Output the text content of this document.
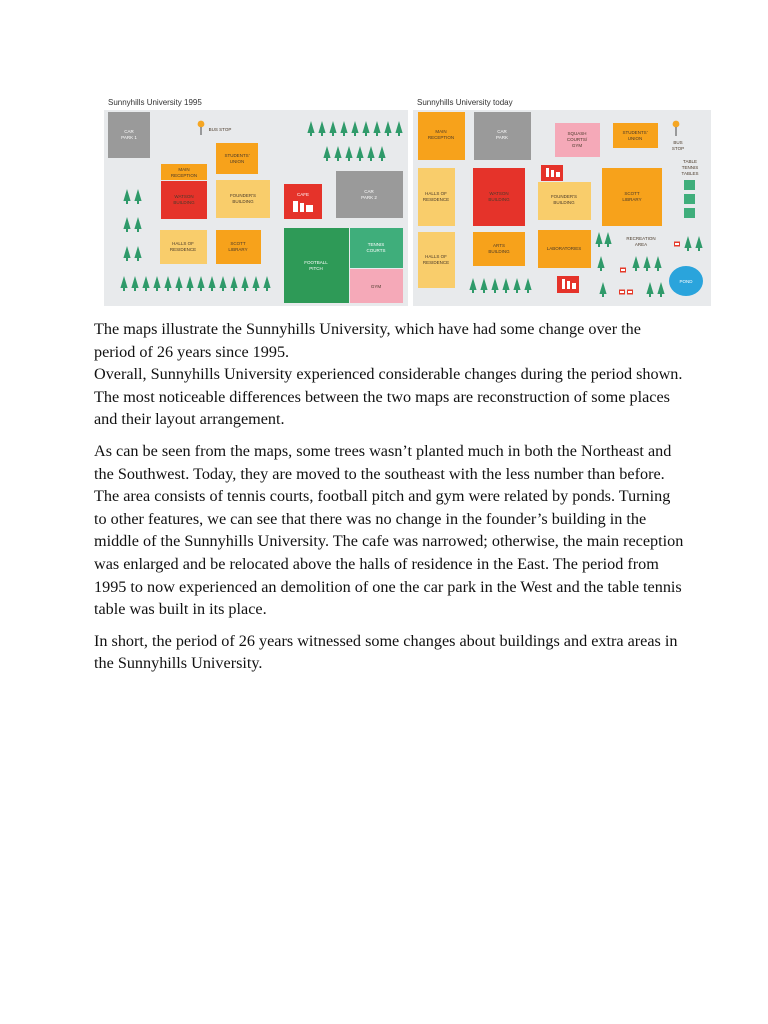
Sunnyhills University 1995
CAR
PARK 1
BUS STOP
STUDENTS'
UNION
MAIN
RECEPTION
WATSON
BUILDING
FOUNDER'S
BUILDING
CAFE
CAR
PARK 2
HALLS OF
RESIDENCE
SCOTT
LIBRARY
FOOTBALL
PITCH
TENNIS
COURTS
GYM
Sunnyhills University today
MAIN
RECEPTION
CAR
PARK
SQUASH
COURTS/
GYM
STUDENTS'
UNION
BUS
STOP
TABLE
TENNIS
TABLES
HALLS OF
RESIDENCE
WATSON
BUILDING
FOUNDER'S
BUILDING
SCOTT
LIBRARY
HALLS OF
RESIDENCE
ARTS
BUILDING
LABORATORIES
RECREATION
AREA
POND

The maps illustrate the Sunnyhills University, which have had some change over the period of 26 years since 1995.
Overall, Sunnyhills University experienced considerable changes during the period shown. The most noticeable differences between the two maps are reconstruction of some places and their layout arrangement.

As can be seen from the maps, some trees wasn’t planted much in both the Northeast and the Southwest. Today, they are moved to the southeast with the less number than before. The area consists of tennis courts, football pitch and gym were related by ponds. Turning to other features, we can see that there was no change in the founder’s building in the middle of the Sunnyhills University. The cafe was narrowed; otherwise, the main reception was enlarged and be relocated above the halls of residence in the East. The period from 1995 to now experienced an demolition of one the car park in the West and the table tennis table was built in its place.

In short, the period of 26 years witnessed some changes about buildings and extra areas in the Sunnyhills University.
